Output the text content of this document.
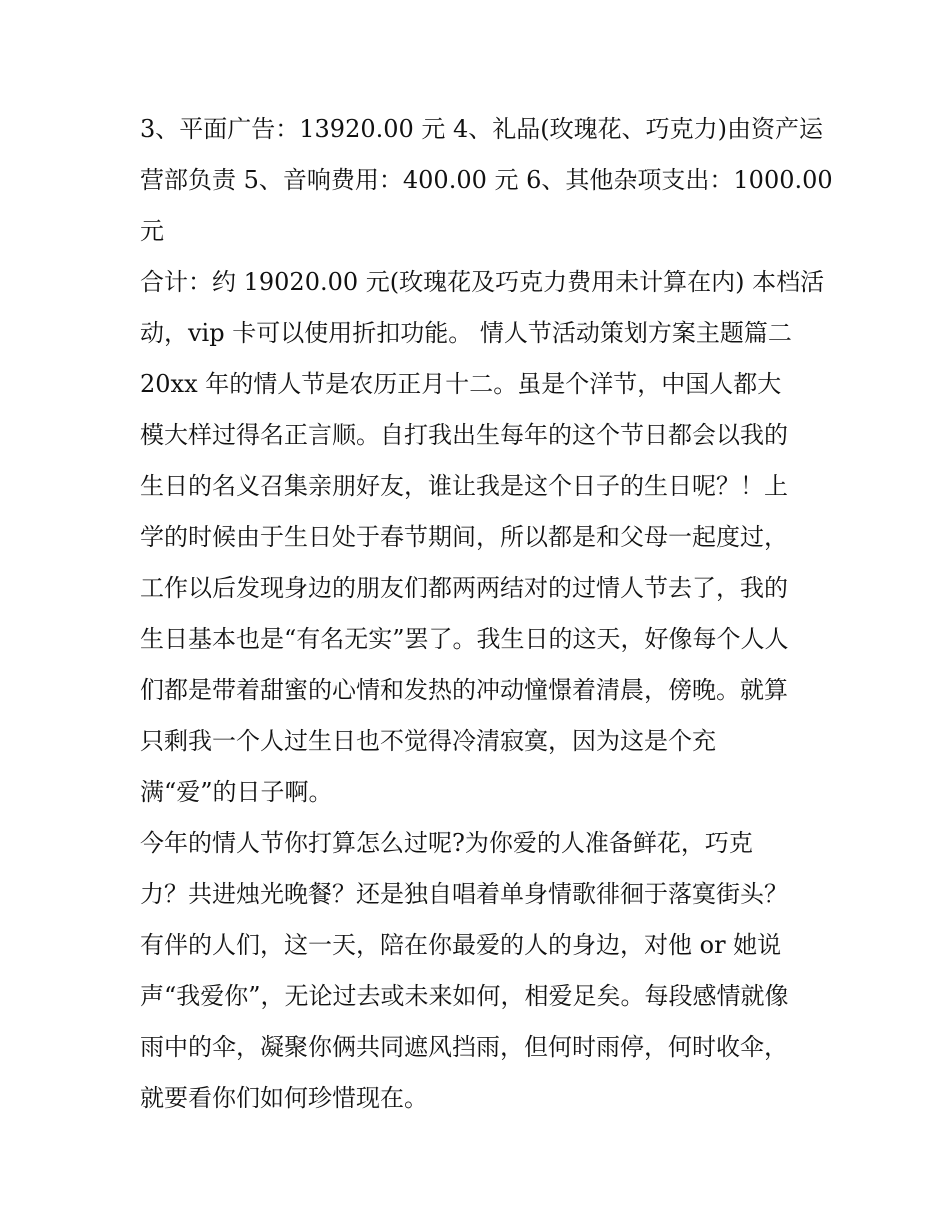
3、平面广告：13920.00 元 4、礼品(玫瑰花、巧克力)由资产运
营部负责 5、音响费用：400.00 元 6、其他杂项支出：1000.00
元
合计：约 19020.00 元(玫瑰花及巧克力费用未计算在内) 本档活
动，vip 卡可以使用折扣功能。 情人节活动策划方案主题篇二
20xx 年的情人节是农历正月十二。虽是个洋节，中国人都大
模大样过得名正言顺。自打我出生每年的这个节日都会以我的
生日的名义召集亲朋好友，谁让我是这个日子的生日呢？！上
学的时候由于生日处于春节期间，所以都是和父母一起度过，
工作以后发现身边的朋友们都两两结对的过情人节去了，我的
生日基本也是“有名无实”罢了。我生日的这天，好像每个人人
们都是带着甜蜜的心情和发热的冲动憧憬着清晨，傍晚。就算
只剩我一个人过生日也不觉得冷清寂寞，因为这是个充
满“爱”的日子啊。
今年的情人节你打算怎么过呢?为你爱的人准备鲜花，巧克
力？共进烛光晚餐？还是独自唱着单身情歌徘徊于落寞街头？
有伴的人们，这一天，陪在你最爱的人的身边，对他 or 她说
声“我爱你”，无论过去或未来如何，相爱足矣。每段感情就像
雨中的伞，凝聚你俩共同遮风挡雨，但何时雨停，何时收伞，
就要看你们如何珍惜现在。
